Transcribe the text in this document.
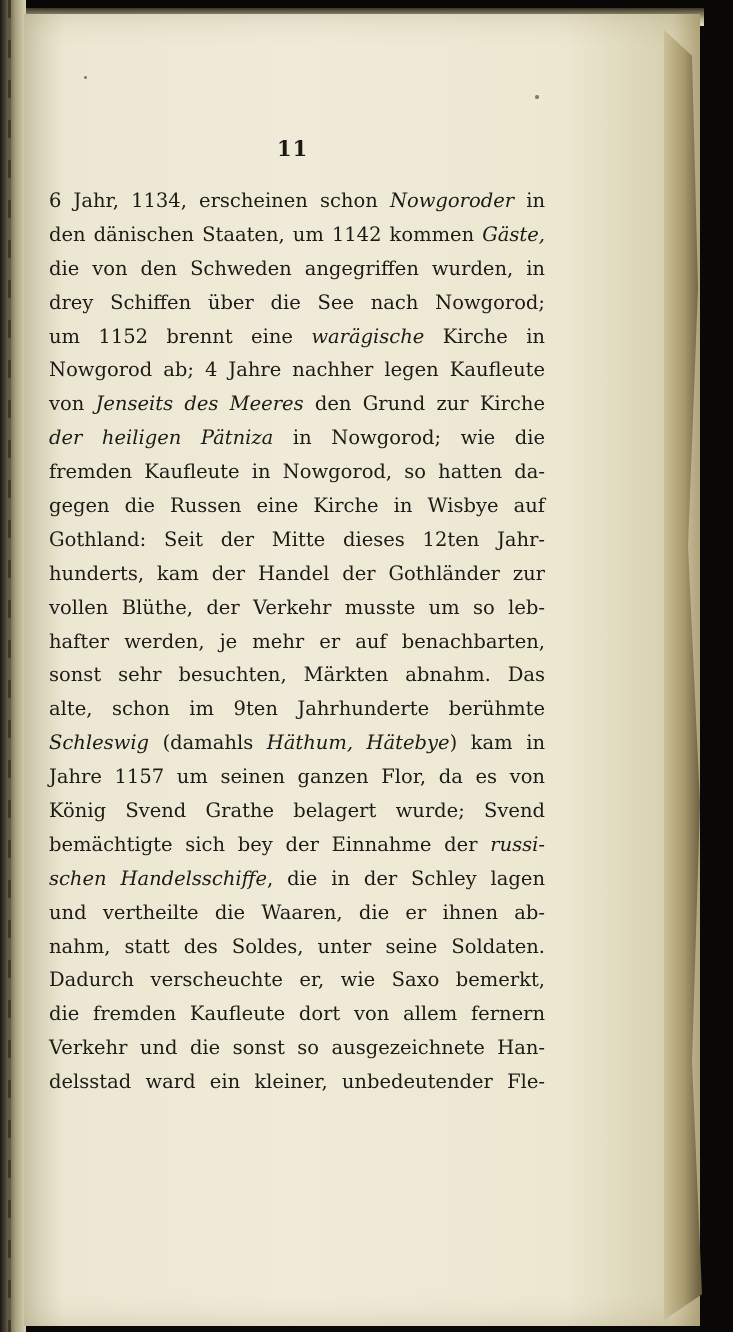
11
6 Jahr, 1134, erscheinen schon Nowgoroder in
den dänischen Staaten, um 1142 kommen Gäste,
die von den Schweden angegriffen wurden, in
drey Schiffen über die See nach Nowgorod;
um 1152 brennt eine warägische Kirche in
Nowgorod ab; 4 Jahre nachher legen Kaufleute
von Jenseits des Meeres den Grund zur Kirche
der heiligen Pätniza in Nowgorod; wie die
fremden Kaufleute in Nowgorod, so hatten da-
gegen die Russen eine Kirche in Wisbye auf
Gothland: Seit der Mitte dieses 12ten Jahr-
hunderts, kam der Handel der Gothländer zur
vollen Blüthe, der Verkehr musste um so leb-
hafter werden, je mehr er auf benachbarten,
sonst sehr besuchten, Märkten abnahm. Das
alte, schon im 9ten Jahrhunderte berühmte
Schleswig (damahls Häthum, Hätebye) kam in
Jahre 1157 um seinen ganzen Flor, da es von
König Svend Grathe belagert wurde; Svend
bemächtigte sich bey der Einnahme der russi-
schen Handelsschiffe, die in der Schley lagen
und vertheilte die Waaren, die er ihnen ab-
nahm, statt des Soldes, unter seine Soldaten.
Dadurch verscheuchte er, wie Saxo bemerkt,
die fremden Kaufleute dort von allem fernern
Verkehr und die sonst so ausgezeichnete Han-
delsstad ward ein kleiner, unbedeutender Fle-
